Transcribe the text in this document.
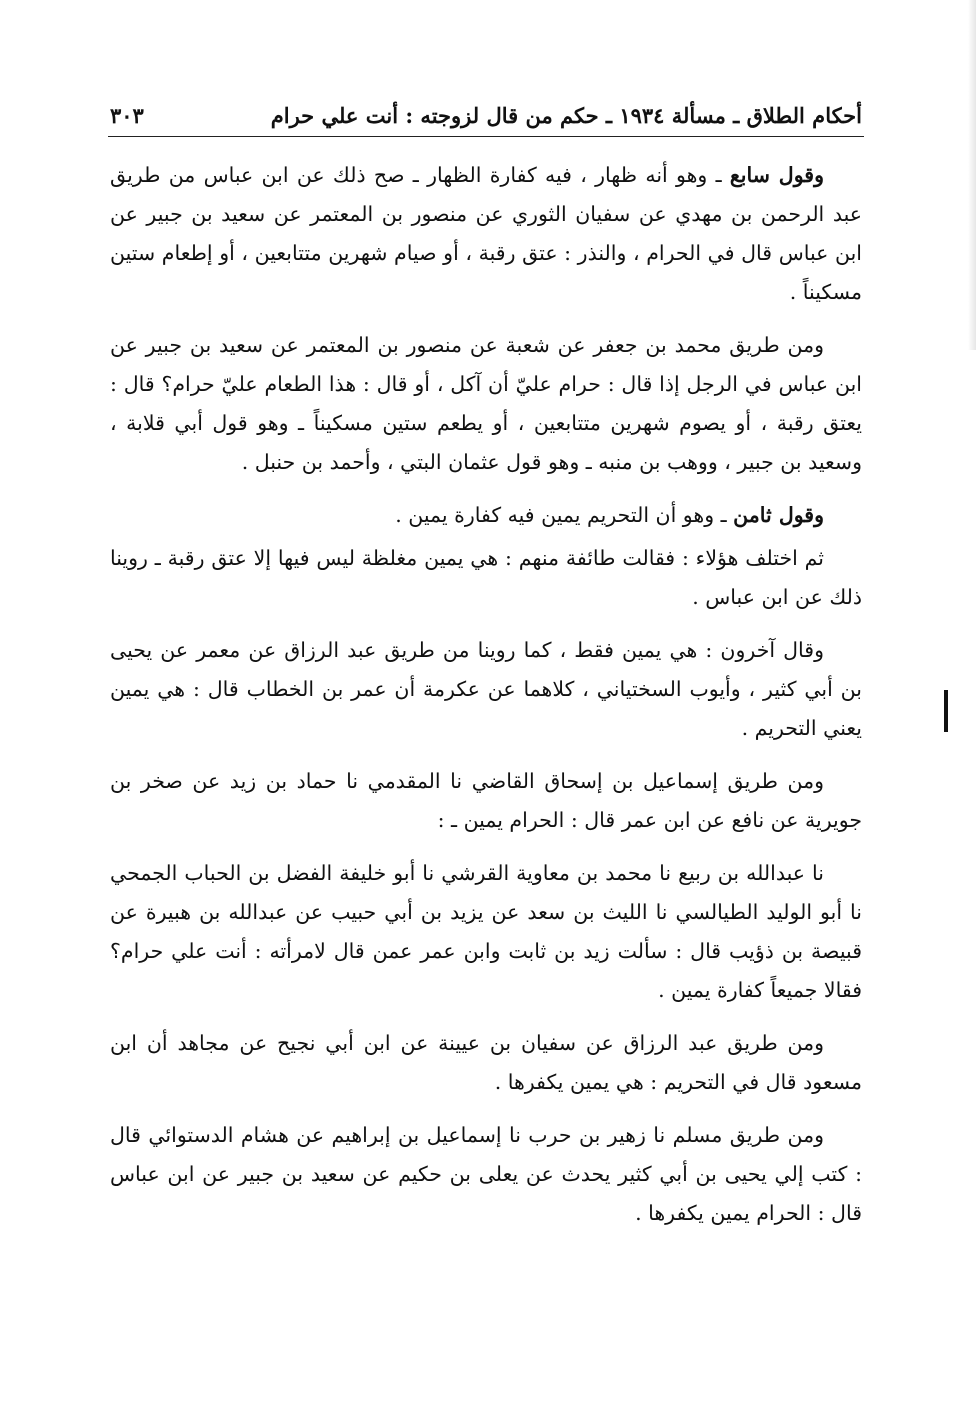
أحكام الطلاق ـ مسألة ١٩٣٤ ـ حكم من قال لزوجته : أنت علي حرام
٣٠٣

وقول سابع ـ وهو أنه ظهار ، فيه كفارة الظهار ـ صح ذلك عن ابن عباس من طريق عبد الرحمن بن مهدي عن سفيان الثوري عن منصور بن المعتمر عن سعيد بن جبير عن ابن عباس قال في الحرام ، والنذر : عتق رقبة ، أو صيام شهرين متتابعين ، أو إطعام ستين مسكيناً .

ومن طريق محمد بن جعفر عن شعبة عن منصور بن المعتمر عن سعيد بن جبير عن ابن عباس في الرجل إذا قال : حرام عليّ أن آكل ، أو قال : هذا الطعام عليّ حرام؟ قال : يعتق رقبة ، أو يصوم شهرين متتابعين ، أو يطعم ستين مسكيناً ـ وهو قول أبي قلابة ، وسعيد بن جبير ، ووهب بن منبه ـ وهو قول عثمان البتي ، وأحمد بن حنبل .

وقول ثامن ـ وهو أن التحريم يمين فيه كفارة يمين .

ثم اختلف هؤلاء : فقالت طائفة منهم : هي يمين مغلظة ليس فيها إلا عتق رقبة ـ روينا ذلك عن ابن عباس .

وقال آخرون : هي يمين فقط ، كما روينا من طريق عبد الرزاق عن معمر عن يحيى بن أبي كثير ، وأيوب السختياني ، كلاهما عن عكرمة أن عمر بن الخطاب قال : هي يمين يعني التحريم .

ومن طريق إسماعيل بن إسحاق القاضي نا المقدمي نا حماد بن زيد عن صخر بن جويرية عن نافع عن ابن عمر قال : الحرام يمين ـ :

نا عبدالله بن ربيع نا محمد بن معاوية القرشي نا أبو خليفة الفضل بن الحباب الجمحي نا أبو الوليد الطيالسي نا الليث بن سعد عن يزيد بن أبي حبيب عن عبدالله بن هبيرة عن قبيصة بن ذؤيب قال : سألت زيد بن ثابت وابن عمر عمن قال لامرأته : أنت علي حرام؟ فقالا جميعاً كفارة يمين .

ومن طريق عبد الرزاق عن سفيان بن عيينة عن ابن أبي نجيح عن مجاهد أن ابن مسعود قال في التحريم : هي يمين يكفرها .

ومن طريق مسلم نا زهير بن حرب نا إسماعيل بن إبراهيم عن هشام الدستوائي قال : كتب إلي يحيى بن أبي كثير يحدث عن يعلى بن حكيم عن سعيد بن جبير عن ابن عباس قال : الحرام يمين يكفرها .
